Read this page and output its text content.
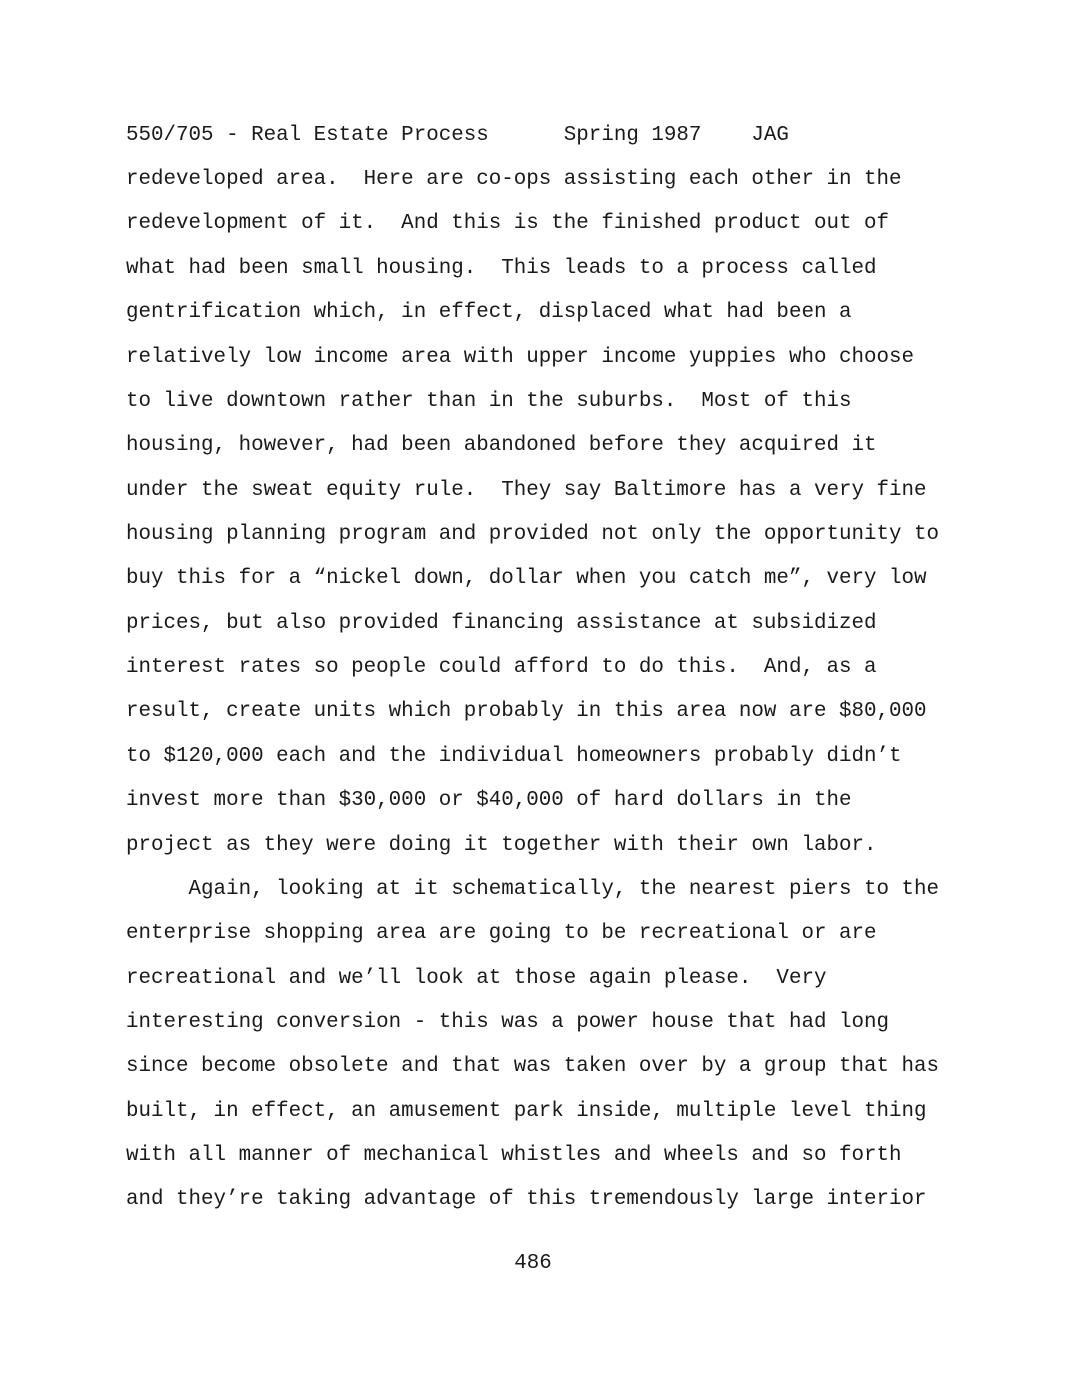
550/705 - Real Estate Process      Spring 1987    JAG
redeveloped area.  Here are co-ops assisting each other in the
redevelopment of it.  And this is the finished product out of
what had been small housing.  This leads to a process called
gentrification which, in effect, displaced what had been a
relatively low income area with upper income yuppies who choose
to live downtown rather than in the suburbs.  Most of this
housing, however, had been abandoned before they acquired it
under the sweat equity rule.  They say Baltimore has a very fine
housing planning program and provided not only the opportunity to
buy this for a “nickel down, dollar when you catch me”, very low
prices, but also provided financing assistance at subsidized
interest rates so people could afford to do this.  And, as a
result, create units which probably in this area now are $80,000
to $120,000 each and the individual homeowners probably didn’t
invest more than $30,000 or $40,000 of hard dollars in the
project as they were doing it together with their own labor.
Again, looking at it schematically, the nearest piers to the
enterprise shopping area are going to be recreational or are
recreational and we’ll look at those again please.  Very
interesting conversion - this was a power house that had long
since become obsolete and that was taken over by a group that has
built, in effect, an amusement park inside, multiple level thing
with all manner of mechanical whistles and wheels and so forth
and they’re taking advantage of this tremendously large interior
486
